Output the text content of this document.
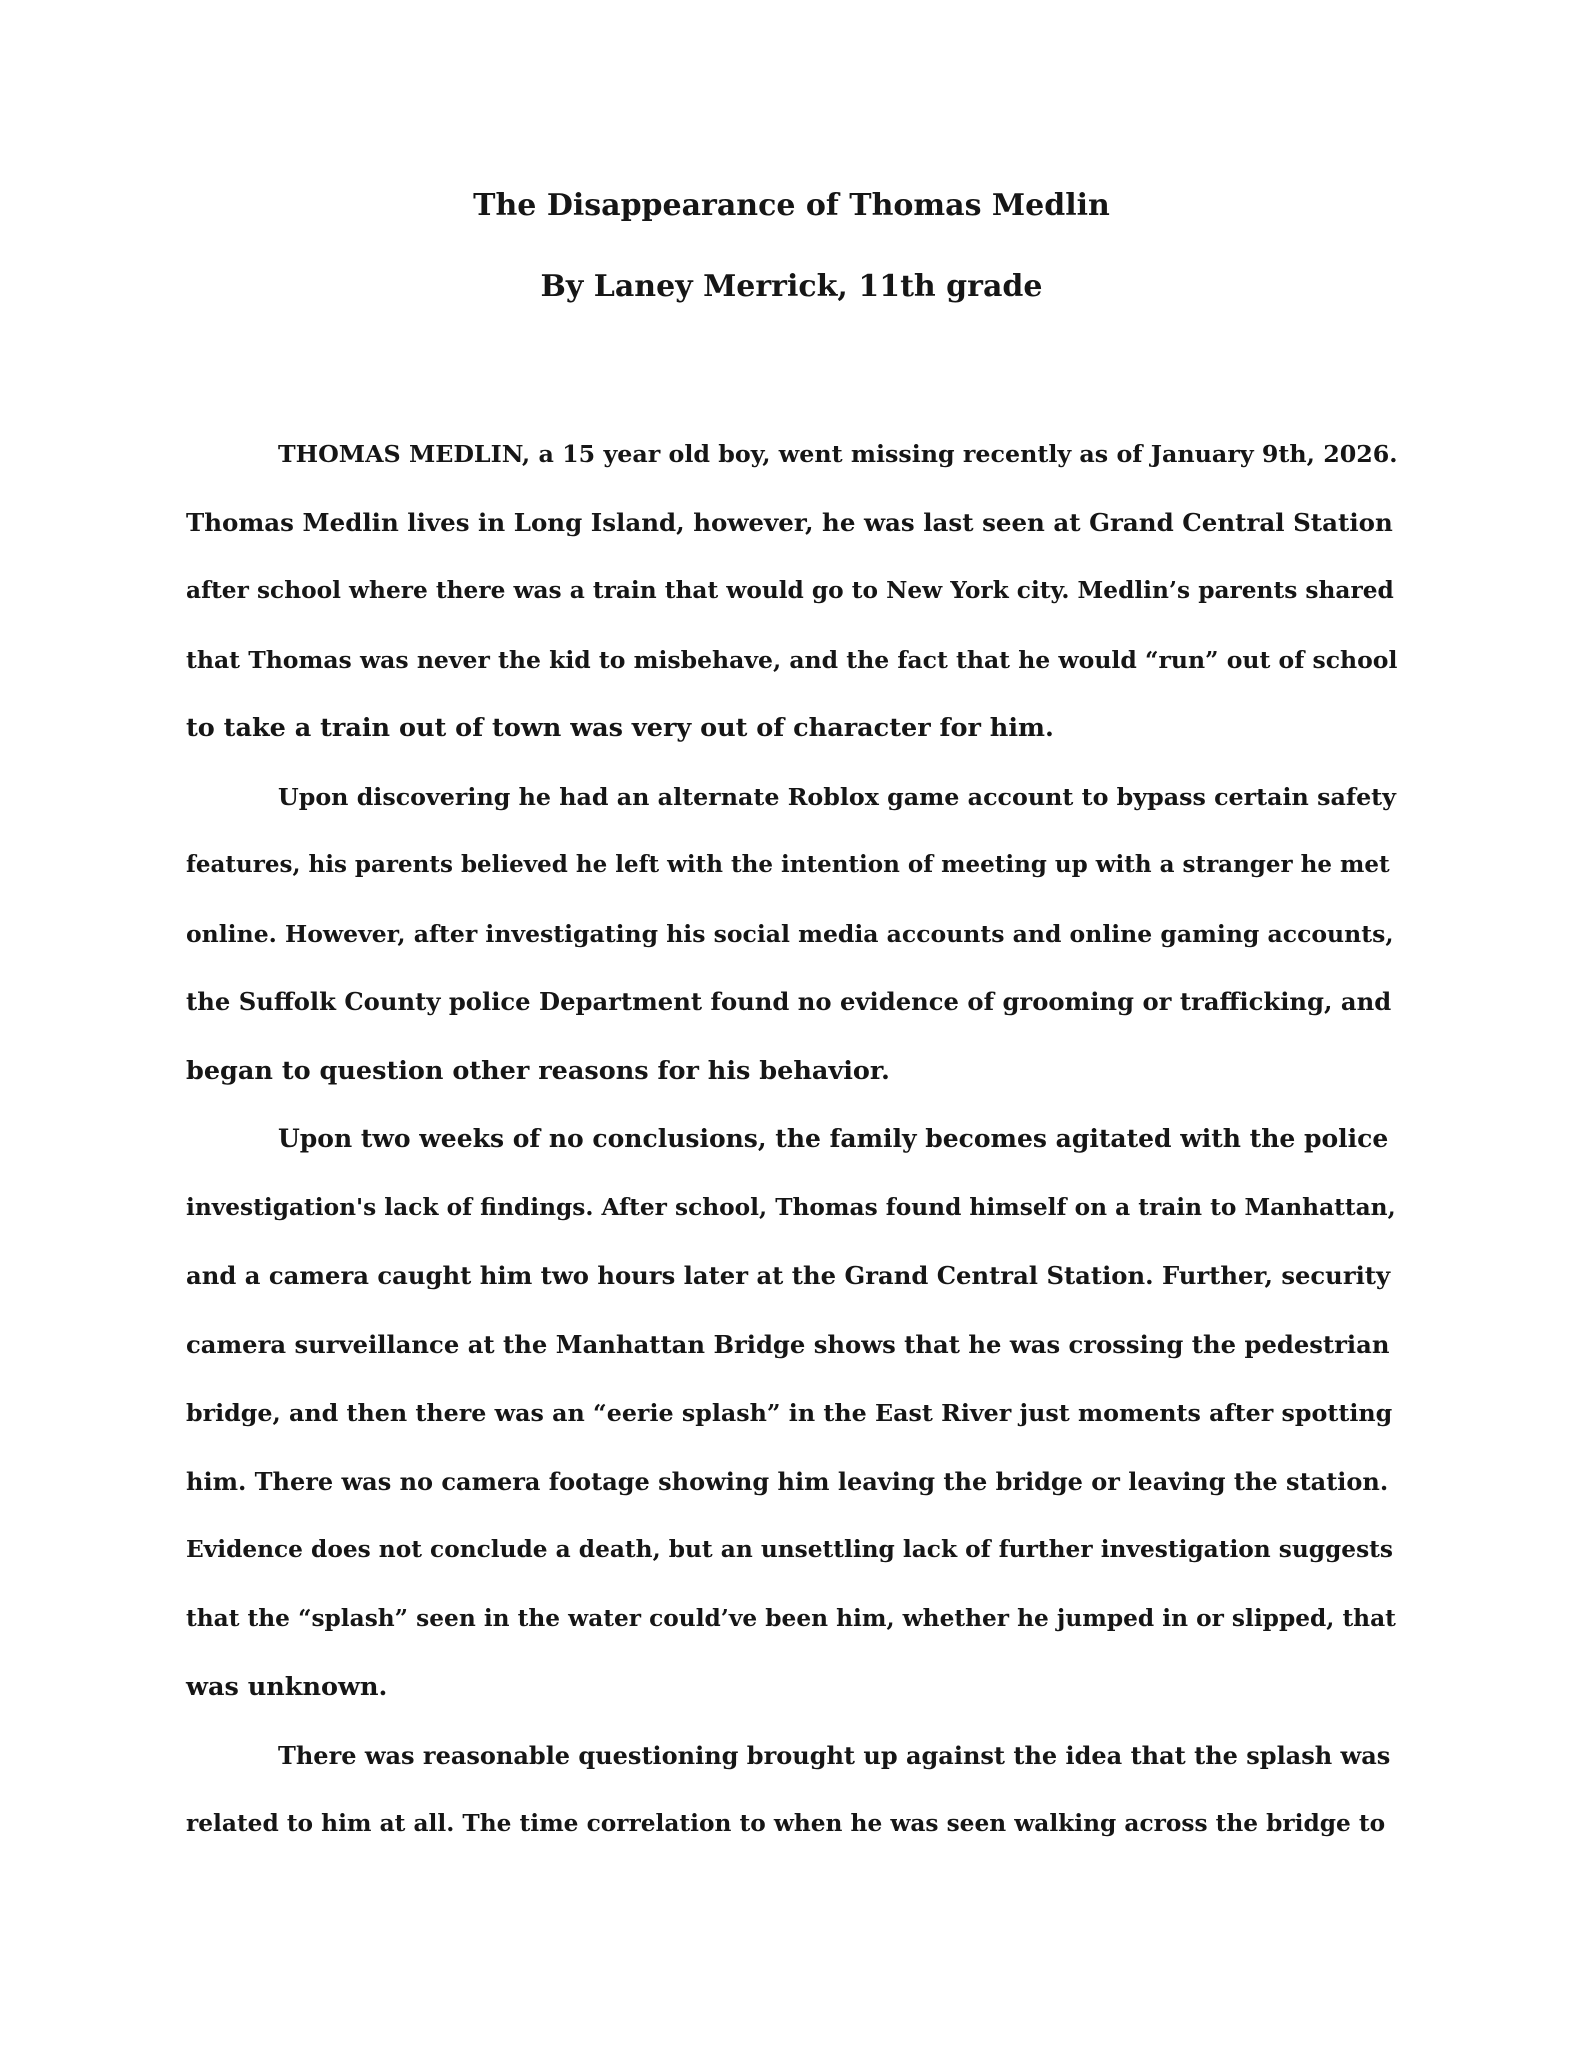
The Disappearance of Thomas Medlin
By Laney Merrick, 11th grade
THOMAS MEDLIN, a 15 year old boy, went missing recently as of January 9th, 2026.
Thomas Medlin lives in Long Island, however, he was last seen at Grand Central Station
after school where there was a train that would go to New York city. Medlin’s parents shared
that Thomas was never the kid to misbehave, and the fact that he would “run” out of school
to take a train out of town was very out of character for him.
Upon discovering he had an alternate Roblox game account to bypass certain safety
features, his parents believed he left with the intention of meeting up with a stranger he met
online. However, after investigating his social media accounts and online gaming accounts,
the Suffolk County police Department found no evidence of grooming or trafficking, and
began to question other reasons for his behavior.
Upon two weeks of no conclusions, the family becomes agitated with the police
investigation's lack of findings. After school, Thomas found himself on a train to Manhattan,
and a camera caught him two hours later at the Grand Central Station. Further, security
camera surveillance at the Manhattan Bridge shows that he was crossing the pedestrian
bridge, and then there was an “eerie splash” in the East River just moments after spotting
him. There was no camera footage showing him leaving the bridge or leaving the station.
Evidence does not conclude a death, but an unsettling lack of further investigation suggests
that the “splash” seen in the water could’ve been him, whether he jumped in or slipped, that
was unknown.
There was reasonable questioning brought up against the idea that the splash was
related to him at all. The time correlation to when he was seen walking across the bridge to
